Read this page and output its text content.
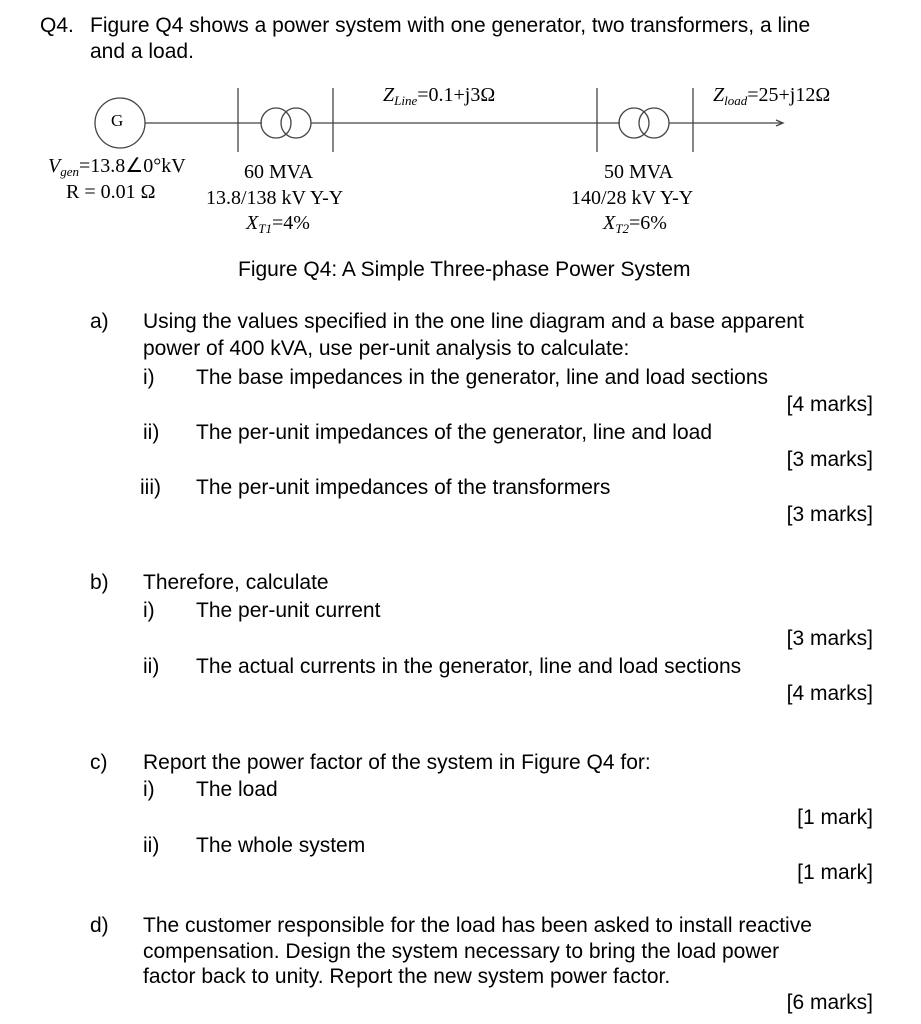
Q4. Figure Q4 shows a power system with one generator, two transformers, a line
and a load.
G
$Z_{Line}=0.1+j3\Omega$	$Z_{load}=25+j12\Omega$
$V_{gen}=13.8\angle 0^\circ kV$
R = 0.01 Ω
60 MVA
13.8/138 kV Y-Y
$X_{T1}=4\%$
50 MVA
140/28 kV Y-Y
$X_{T2}=6\%$
Figure Q4: A Simple Three-phase Power System
a) Using the values specified in the one line diagram and a base apparent
power of 400 kVA, use per-unit analysis to calculate:
i) The base impedances in the generator, line and load sections
[4 marks]
ii) The per-unit impedances of the generator, line and load
[3 marks]
iii) The per-unit impedances of the transformers
[3 marks]
b) Therefore, calculate
i) The per-unit current
[3 marks]
ii) The actual currents in the generator, line and load sections
[4 marks]
c) Report the power factor of the system in Figure Q4 for:
i) The load
[1 mark]
ii) The whole system
[1 mark]
d) The customer responsible for the load has been asked to install reactive
compensation. Design the system necessary to bring the load power
factor back to unity. Report the new system power factor.
[6 marks]
